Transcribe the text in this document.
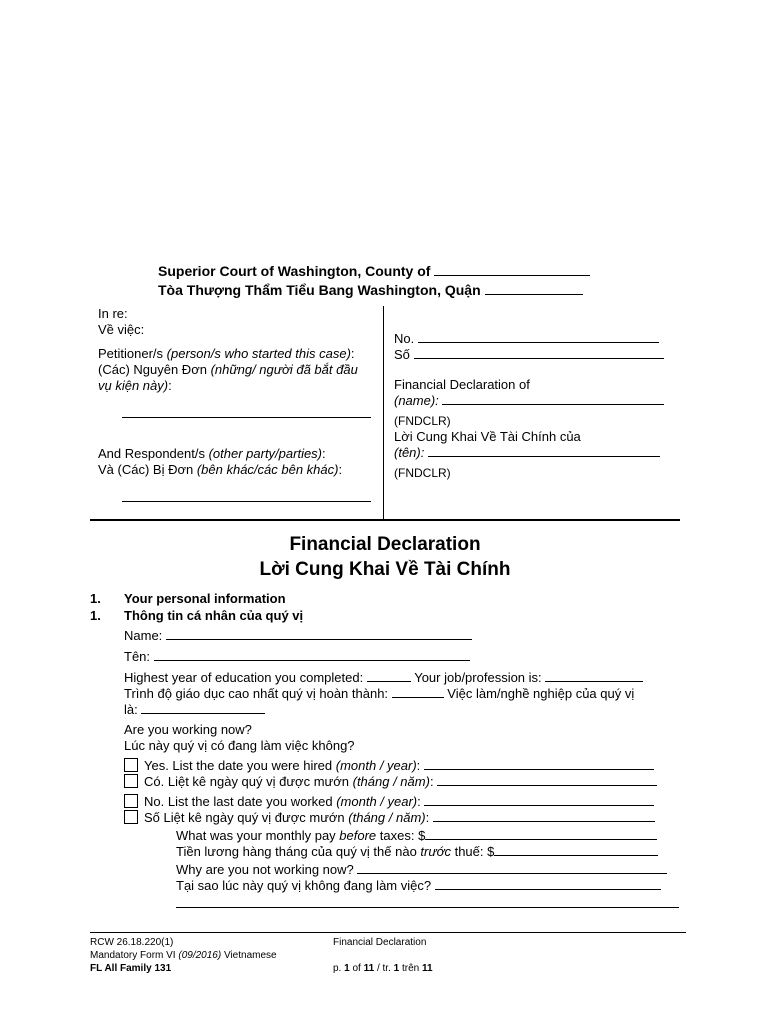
Superior Court of Washington, County of
Tòa Thượng Thẩm Tiểu Bang Washington, Quận
In re:
Về việc:
Petitioner/s (person/s who started this case):
(Các) Nguyên Đơn (những/ người đã bắt đầu vụ kiện này):
And Respondent/s (other party/parties):
Và (Các) Bị Đơn (bên khác/các bên khác):
No.
Số
Financial Declaration of
(name):
(FNDCLR)
Lời Cung Khai Về Tài Chính của
(tên):
(FNDCLR)
Financial Declaration
Lời Cung Khai Về Tài Chính
1. Your personal information
1. Thông tin cá nhân của quý vị
Name:
Tên:
Highest year of education you completed:	Your job/profession is:
Trình độ giáo dục cao nhất quý vị hoàn thành:	Việc làm/nghề nghiệp của quý vị
là:
Are you working now?
Lúc này quý vị có đang làm việc không?
Yes. List the date you were hired (month / year):
Có. Liệt kê ngày quý vị được mướn (tháng / năm):
No. List the last date you worked (month / year):
Số Liệt kê ngày quý vị được mướn (tháng / năm):
What was your monthly pay before taxes: $
Tiền lương hàng tháng của quý vị thế nào trước thuế: $
Why are you not working now?
Tại sao lúc này quý vị không đang làm việc?
RCW 26.18.220(1)
Mandatory Form VI (09/2016) Vietnamese
FL All Family 131
Financial Declaration
p. 1 of 11 / tr. 1 trên 11
